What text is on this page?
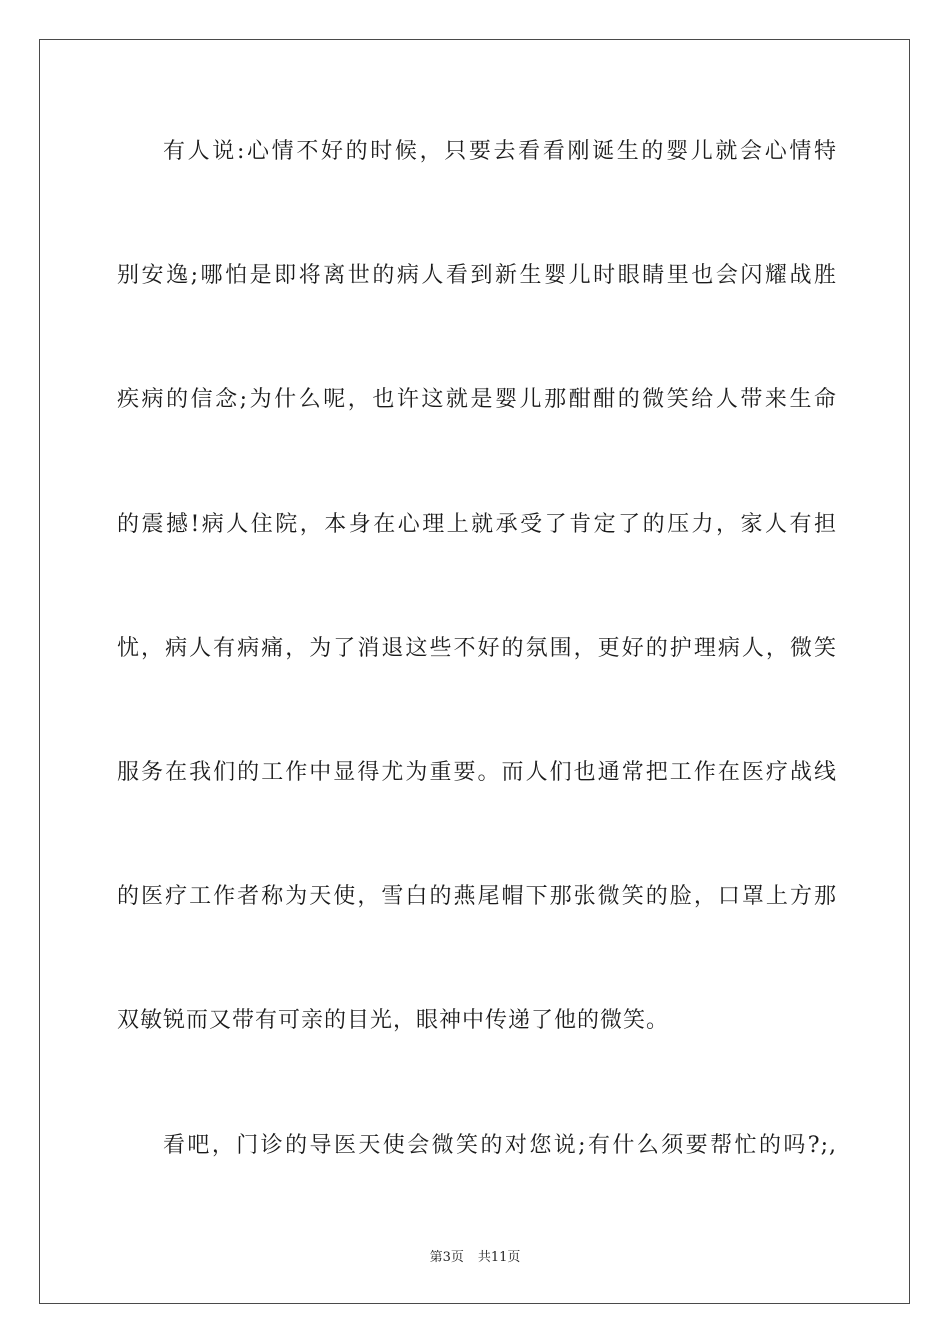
有人说:心情不好的时候，只要去看看刚诞生的婴儿就会心情特
别安逸;哪怕是即将离世的病人看到新生婴儿时眼睛里也会闪耀战胜
疾病的信念;为什么呢，也许这就是婴儿那酣酣的微笑给人带来生命
的震撼!病人住院，本身在心理上就承受了肯定了的压力，家人有担
忧，病人有病痛，为了消退这些不好的氛围，更好的护理病人，微笑
服务在我们的工作中显得尤为重要。而人们也通常把工作在医疗战线
的医疗工作者称为天使，雪白的燕尾帽下那张微笑的脸，口罩上方那
双敏锐而又带有可亲的目光，眼神中传递了他的微笑。
看吧，门诊的导医天使会微笑的对您说;有什么须要帮忙的吗?;,
第3页 共11页
